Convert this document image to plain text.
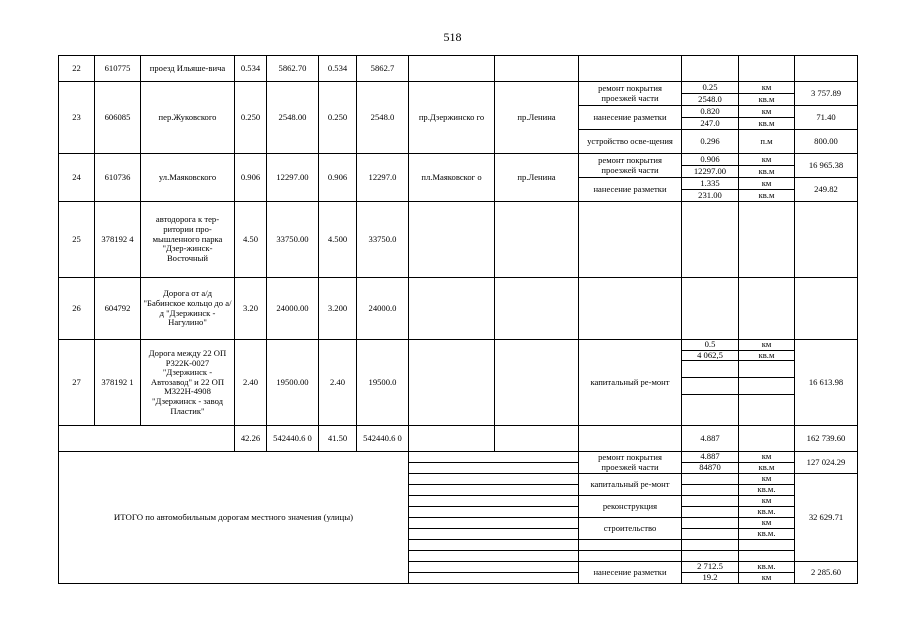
518
22	610775	проезд Ильяше-вича	0.534	5862.70	0.534	5862.7						
23	606085	пер.Жуковского	0.250	2548.00	0.250	2548.0	пр.Дзержинско го	пр.Ленина	ремонт покрытия проезжей части	0.25	км	3 757.89
										2548.0	кв.м	
									нанесение разметки	0.820	км	71.40
										247.0	кв.м	
									устройство осве-щения	0.296	п.м	800.00

24	610736	ул.Маяковского	0.906	12297.00	0.906	12297.0	пл.Маяковског о	пр.Ленина	ремонт покрытия проезжей части	0.906	км	16 965.38
										12297.00	кв.м	
									нанесение разметки	1.335	км	249.82
										231.00	кв.м	
25	378192 4	автодорога к тер-ритории про-мышленного парка "Дзер-жинск-Восточный	4.50	33750.00	4.500	33750.0						
26	604792	Дорога от а/д "Бабинское кольцо до а/д "Дзержинск - Нагулино"	3.20	24000.00	3.200	24000.0						
27	378192 1	Дорога между 22 ОП Р322К-0027 "Дзержинск - Автозавод" и 22 ОП М322Н-4908 "Дзержинск - завод Пластик"	2.40	19500.00	2.40	19500.0			капитальный ре-монт	0.5	км	16 613.98
										4 062,5	кв.м	

			42.26	542440.6 0	41.50	542440.6 0				4.887		162 739.60
ИТОГО по автомобильным дорогам местного значения (улицы)									ремонт покрытия проезжей части	4.887	км	127 024.29
										84870	кв.м	
									капитальный ре-монт		км	32 629.71
											кв.м.	
									реконструкция		км	
											кв.м.	
									строительство		км	
											кв.м.	

									нанесение разметки	2 712.5	кв.м.	2 285.60
										19.2	км	
